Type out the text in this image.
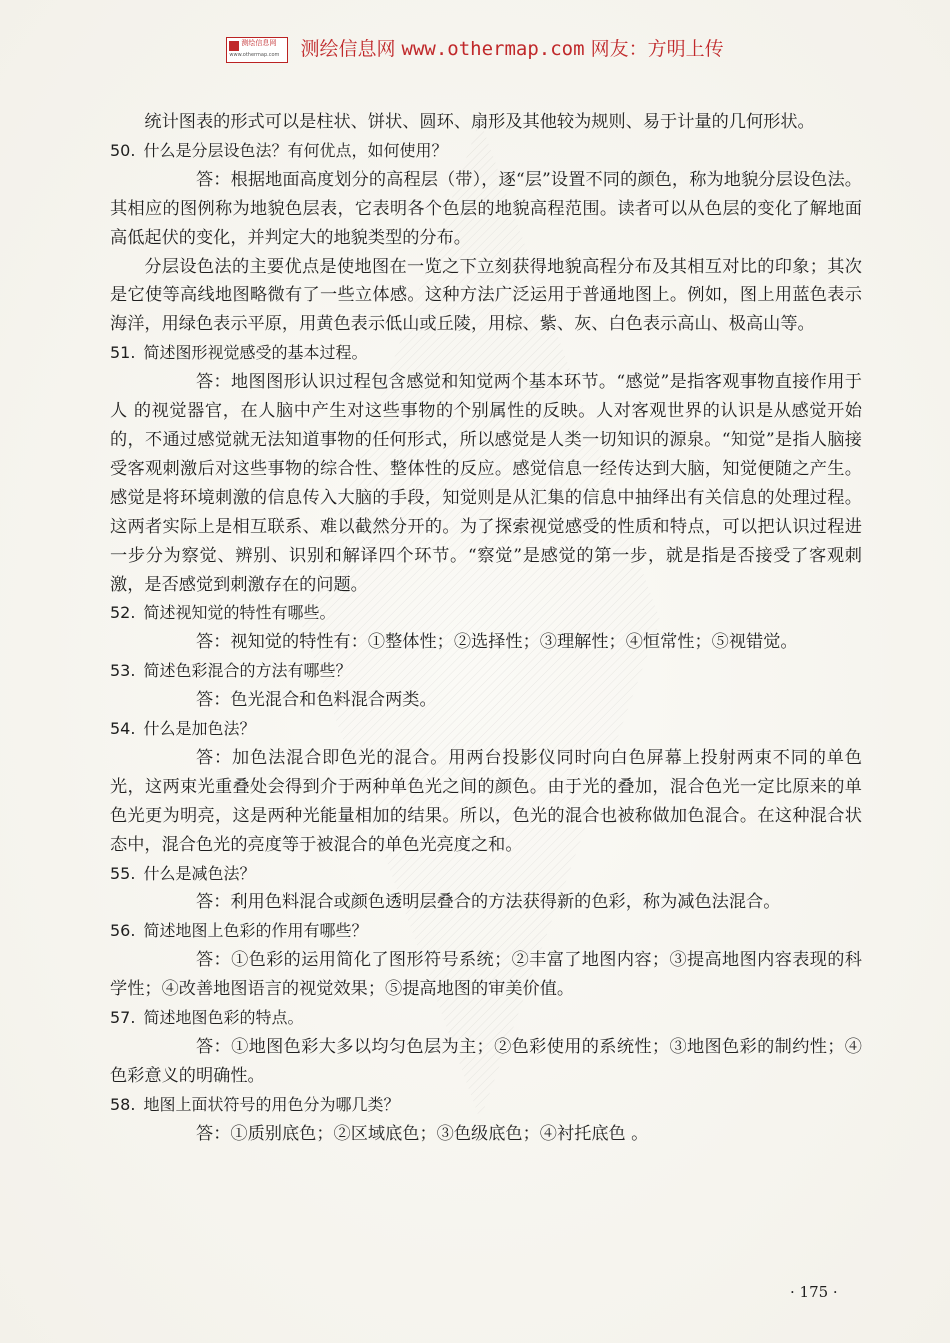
测绘信息网
www.othermap.com 测绘信息网 www.othermap.com 网友：方明上传

统计图表的形式可以是柱状、饼状、圆环、扇形及其他较为规则、易于计量的几何形状。

50. 什么是分层设色法？有何优点，如何使用？

答：根据地面高度划分的高程层（带），逐“层”设置不同的颜色，称为地貌分层设色法。其相应的图例称为地貌色层表，它表明各个色层的地貌高程范围。读者可以从色层的变化了解地面高低起伏的变化，并判定大的地貌类型的分布。

分层设色法的主要优点是使地图在一览之下立刻获得地貌高程分布及其相互对比的印象；其次是它使等高线地图略微有了一些立体感。这种方法广泛运用于普通地图上。例如，图上用蓝色表示海洋，用绿色表示平原，用黄色表示低山或丘陵，用棕、紫、灰、白色表示高山、极高山等。

51. 简述图形视觉感受的基本过程。

答：地图图形认识过程包含感觉和知觉两个基本环节。“感觉”是指客观事物直接作用于人 的视觉器官，在人脑中产生对这些事物的个别属性的反映。人对客观世界的认识是从感觉开始的，不通过感觉就无法知道事物的任何形式，所以感觉是人类一切知识的源泉。“知觉”是指人脑接受客观刺激后对这些事物的综合性、整体性的反应。感觉信息一经传达到大脑，知觉便随之产生。感觉是将环境刺激的信息传入大脑的手段，知觉则是从汇集的信息中抽绎出有关信息的处理过程。这两者实际上是相互联系、难以截然分开的。为了探索视觉感受的性质和特点，可以把认识过程进一步分为察觉、辨别、识别和解译四个环节。“察觉”是感觉的第一步，就是指是否接受了客观刺激，是否感觉到刺激存在的问题。

52. 简述视知觉的特性有哪些。

答：视知觉的特性有：①整体性；②选择性；③理解性；④恒常性；⑤视错觉。

53. 简述色彩混合的方法有哪些？

答：色光混合和色料混合两类。

54. 什么是加色法？

答：加色法混合即色光的混合。用两台投影仪同时向白色屏幕上投射两束不同的单色光，这两束光重叠处会得到介于两种单色光之间的颜色。由于光的叠加，混合色光一定比原来的单色光更为明亮，这是两种光能量相加的结果。所以，色光的混合也被称做加色混合。在这种混合状态中，混合色光的亮度等于被混合的单色光亮度之和。

55. 什么是减色法？

答：利用色料混合或颜色透明层叠合的方法获得新的色彩，称为减色法混合。

56. 简述地图上色彩的作用有哪些？

答：①色彩的运用简化了图形符号系统；②丰富了地图内容；③提高地图内容表现的科学性；④改善地图语言的视觉效果；⑤提高地图的审美价值。

57. 简述地图色彩的特点。

答：①地图色彩大多以均匀色层为主；②色彩使用的系统性；③地图色彩的制约性；④色彩意义的明确性。

58. 地图上面状符号的用色分为哪几类？

答：①质别底色；②区域底色；③色级底色；④衬托底色 。

· 175 ·
